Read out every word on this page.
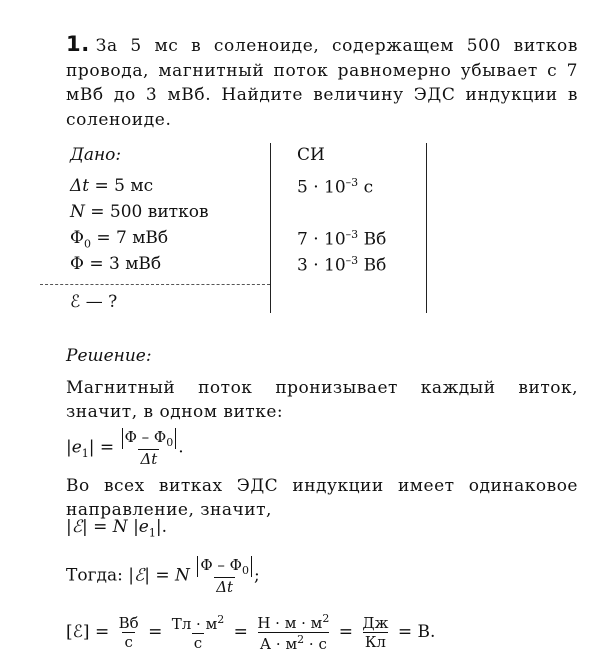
1. За 5 мс в соленоиде, содержащем 500 витков провода, магнитный поток равномерно убывает с 7 мВб до 3 мВб. Найдите величину ЭДС индукции в соленоиде.
Дано:	СИ
Δt = 5 мс
N = 500 витков
$\Phi_0 = 7$ мВб
Φ = 3 мВб
ℰ — ?
$5 \cdot 10^{-3}$ с
$7 \cdot 10^{-3}$ Вб
$3 \cdot 10^{-3}$ Вб
Решение:
Магнитный поток пронизывает каждый виток, значит, в одном витке:
$|e_1| = \frac{\Phi - \Phi_0}{\Delta t}$ .
Во всех витках ЭДС индукции имеет одинаковое направление, значит,
|ℰ| = N $|e_1|$.
Тогда: |ℰ| = N $\frac{\Phi - \Phi_0}{\Delta t}$ ;
[ℰ] = $\frac{Вб}{с} = \frac{Тл \cdot м^2}{с} = \frac{Н \cdot м \cdot м^2}{А \cdot м^2 \cdot с} = \frac{Дж}{Кл} = В$.
